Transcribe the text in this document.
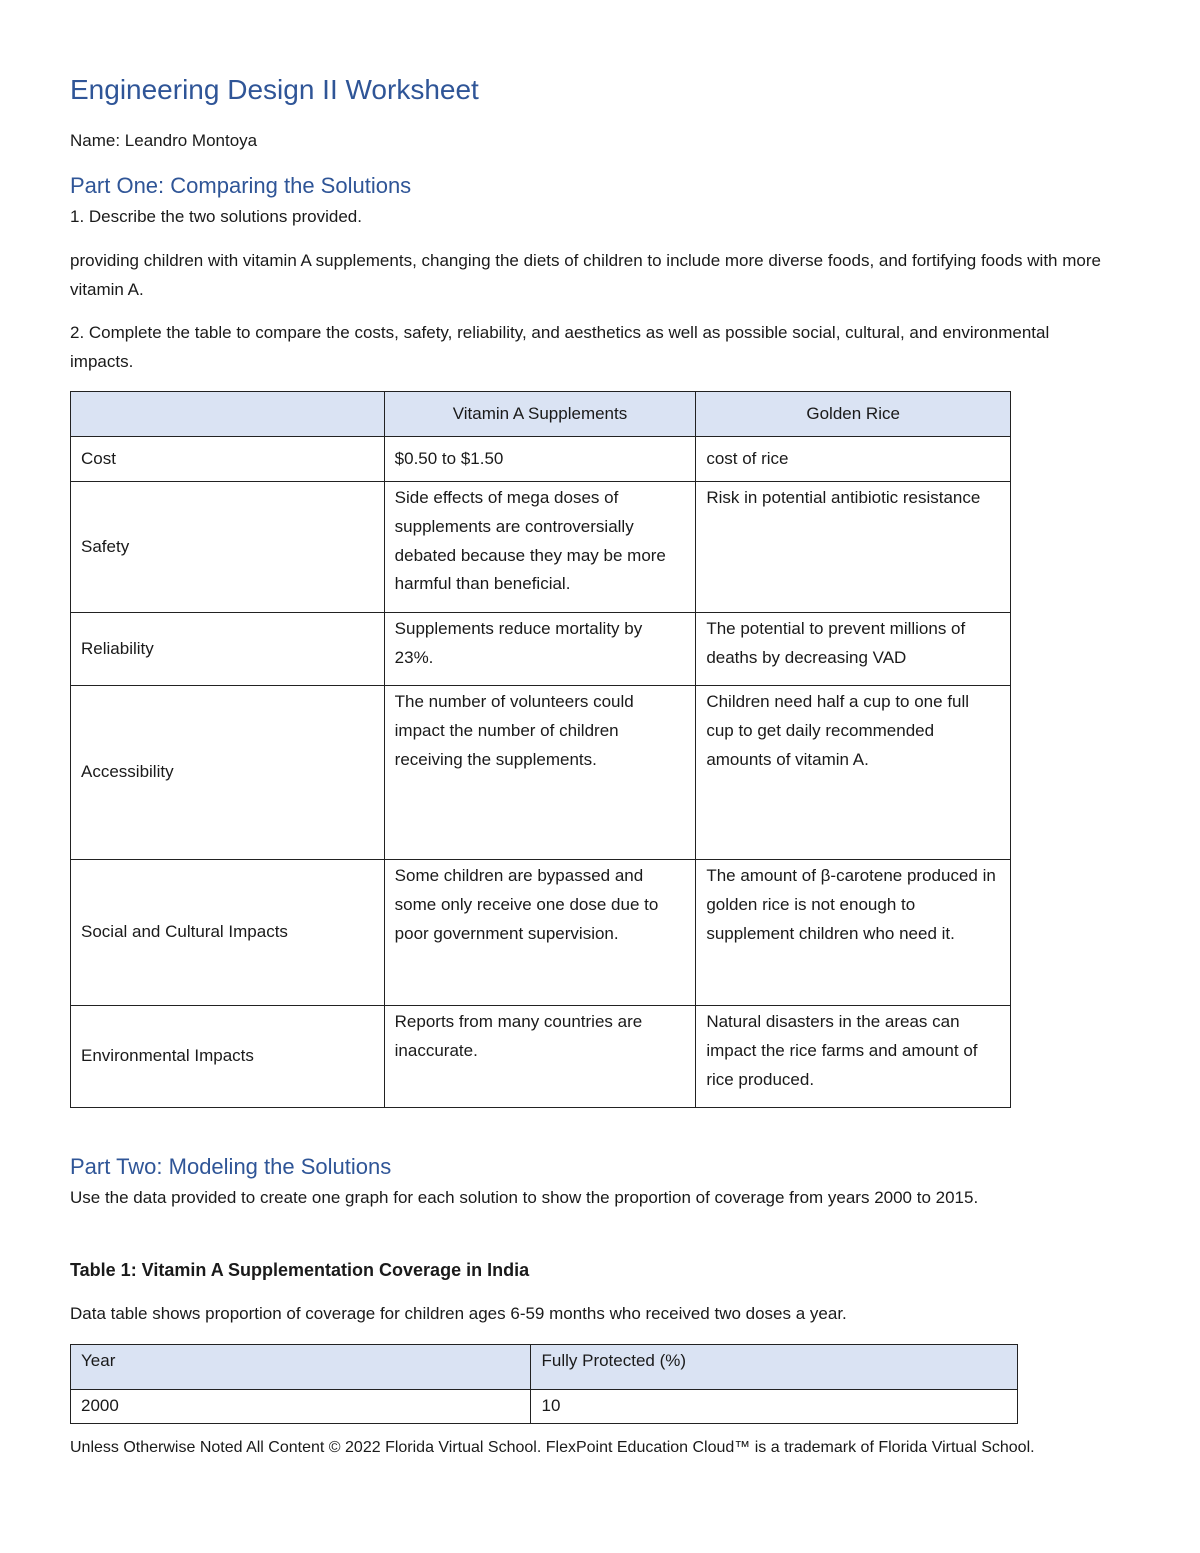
Engineering Design II Worksheet
Name: Leandro Montoya
Part One: Comparing the Solutions
1. Describe the two solutions provided.
providing children with vitamin A supplements, changing the diets of children to include more diverse foods, and fortifying foods with more vitamin A.
2. Complete the table to compare the costs, safety, reliability, and aesthetics as well as possible social, cultural, and environmental impacts.
	Vitamin A Supplements	Golden Rice
Cost	$0.50 to $1.50	cost of rice
Safety	Side effects of mega doses of supplements are controversially debated because they may be more harmful than beneficial.	Risk in potential antibiotic resistance
Reliability	Supplements reduce mortality by 23%.	The potential to prevent millions of deaths by decreasing VAD
Accessibility	The number of volunteers could impact the number of children receiving the supplements.	Children need half a cup to one full cup to get daily recommended amounts of vitamin A.
Social and Cultural Impacts	Some children are bypassed and some only receive one dose due to poor government supervision.	The amount of β-carotene produced in golden rice is not enough to supplement children who need it.
Environmental Impacts	Reports from many countries are inaccurate.	Natural disasters in the areas can impact the rice farms and amount of rice produced.
Part Two: Modeling the Solutions
Use the data provided to create one graph for each solution to show the proportion of coverage from years 2000 to 2015.
Table 1: Vitamin A Supplementation Coverage in India
Data table shows proportion of coverage for children ages 6-59 months who received two doses a year.
Year	Fully Protected (%)
2000	10
Unless Otherwise Noted All Content © 2022 Florida Virtual School. FlexPoint Education Cloud™ is a trademark of Florida Virtual School.
